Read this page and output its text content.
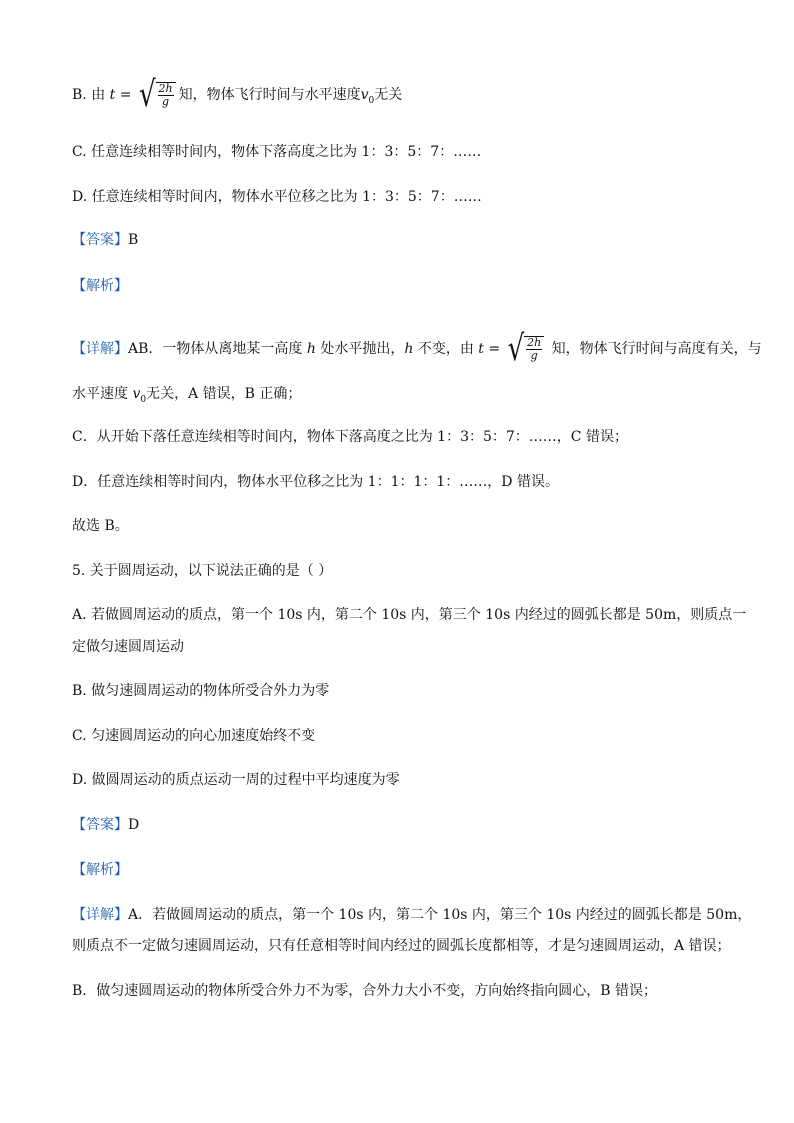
B. 由 t = √ $\frac{2h}{g}$ 知，物体飞行时间与水平速度$v_0$无关
C. 任意连续相等时间内，物体下落高度之比为 1：3：5：7：……
D. 任意连续相等时间内，物体水平位移之比为 1：3：5：7：……
【答案】B
【解析】
【详解】AB．一物体从离地某一高度 h 处水平抛出，h 不变，由 t = √ $\frac{2h}{g}$ 知，物体飞行时间与高度有关，与
水平速度 $v_0$无关，A 错误，B 正确；
C．从开始下落任意连续相等时间内，物体下落高度之比为 1：3：5：7：……，C 错误；
D．任意连续相等时间内，物体水平位移之比为 1：1：1：1：……，D 错误。
故选 B。
5. 关于圆周运动，以下说法正确的是（ ）
A. 若做圆周运动的质点，第一个 10s 内，第二个 10s 内，第三个 10s 内经过的圆弧长都是 50m，则质点一
定做匀速圆周运动
B. 做匀速圆周运动的物体所受合外力为零
C. 匀速圆周运动的向心加速度始终不变
D. 做圆周运动的质点运动一周的过程中平均速度为零
【答案】D
【解析】
【详解】A．若做圆周运动的质点，第一个 10s 内，第二个 10s 内，第三个 10s 内经过的圆弧长都是 50m，
则质点不一定做匀速圆周运动，只有任意相等时间内经过的圆弧长度都相等，才是匀速圆周运动，A 错误；
B．做匀速圆周运动的物体所受合外力不为零，合外力大小不变，方向始终指向圆心，B 错误；
